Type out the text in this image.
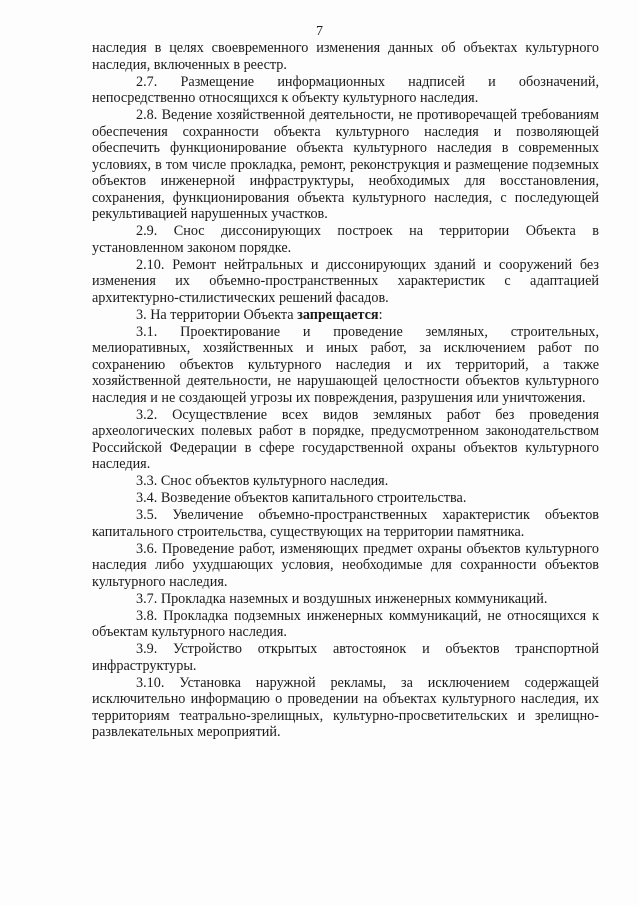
7

наследия в целях своевременного изменения данных об объектах культурного наследия, включенных в реестр.

2.7. Размещение информационных надписей и обозначений, непосредственно относящихся к объекту культурного наследия.

2.8. Ведение хозяйственной деятельности, не противоречащей требованиям обеспечения сохранности объекта культурного наследия и позволяющей обеспечить функционирование объекта культурного наследия в современных условиях, в том числе прокладка, ремонт, реконструкция и размещение подземных объектов инженерной инфраструктуры, необходимых для восстановления, сохранения, функционирования объекта культурного наследия, с последующей рекультивацией нарушенных участков.

2.9. Снос диссонирующих построек на территории Объекта в установленном законом порядке.

2.10. Ремонт нейтральных и диссонирующих зданий и сооружений без изменения их объемно-пространственных характеристик с адаптацией архитектурно-стилистических решений фасадов.

3. На территории Объекта запрещается:

3.1. Проектирование и проведение земляных, строительных, мелиоративных, хозяйственных и иных работ, за исключением работ по сохранению объектов культурного наследия и их территорий, а также хозяйственной деятельности, не нарушающей целостности объектов культурного наследия и не создающей угрозы их повреждения, разрушения или уничтожения.

3.2. Осуществление всех видов земляных работ без проведения археологических полевых работ в порядке, предусмотренном законодательством Российской Федерации в сфере государственной охраны объектов культурного наследия.

3.3. Снос объектов культурного наследия.

3.4. Возведение объектов капитального строительства.

3.5. Увеличение объемно-пространственных характеристик объектов капитального строительства, существующих на территории памятника.

3.6. Проведение работ, изменяющих предмет охраны объектов культурного наследия либо ухудшающих условия, необходимые для сохранности объектов культурного наследия.

3.7. Прокладка наземных и воздушных инженерных коммуникаций.

3.8. Прокладка подземных инженерных коммуникаций, не относящихся к объектам культурного наследия.

3.9. Устройство открытых автостоянок и объектов транспортной инфраструктуры.

3.10. Установка наружной рекламы, за исключением содержащей исключительно информацию о проведении на объектах культурного наследия, их территориям театрально-зрелищных, культурно-просветительских и зрелищно-развлекательных мероприятий.
